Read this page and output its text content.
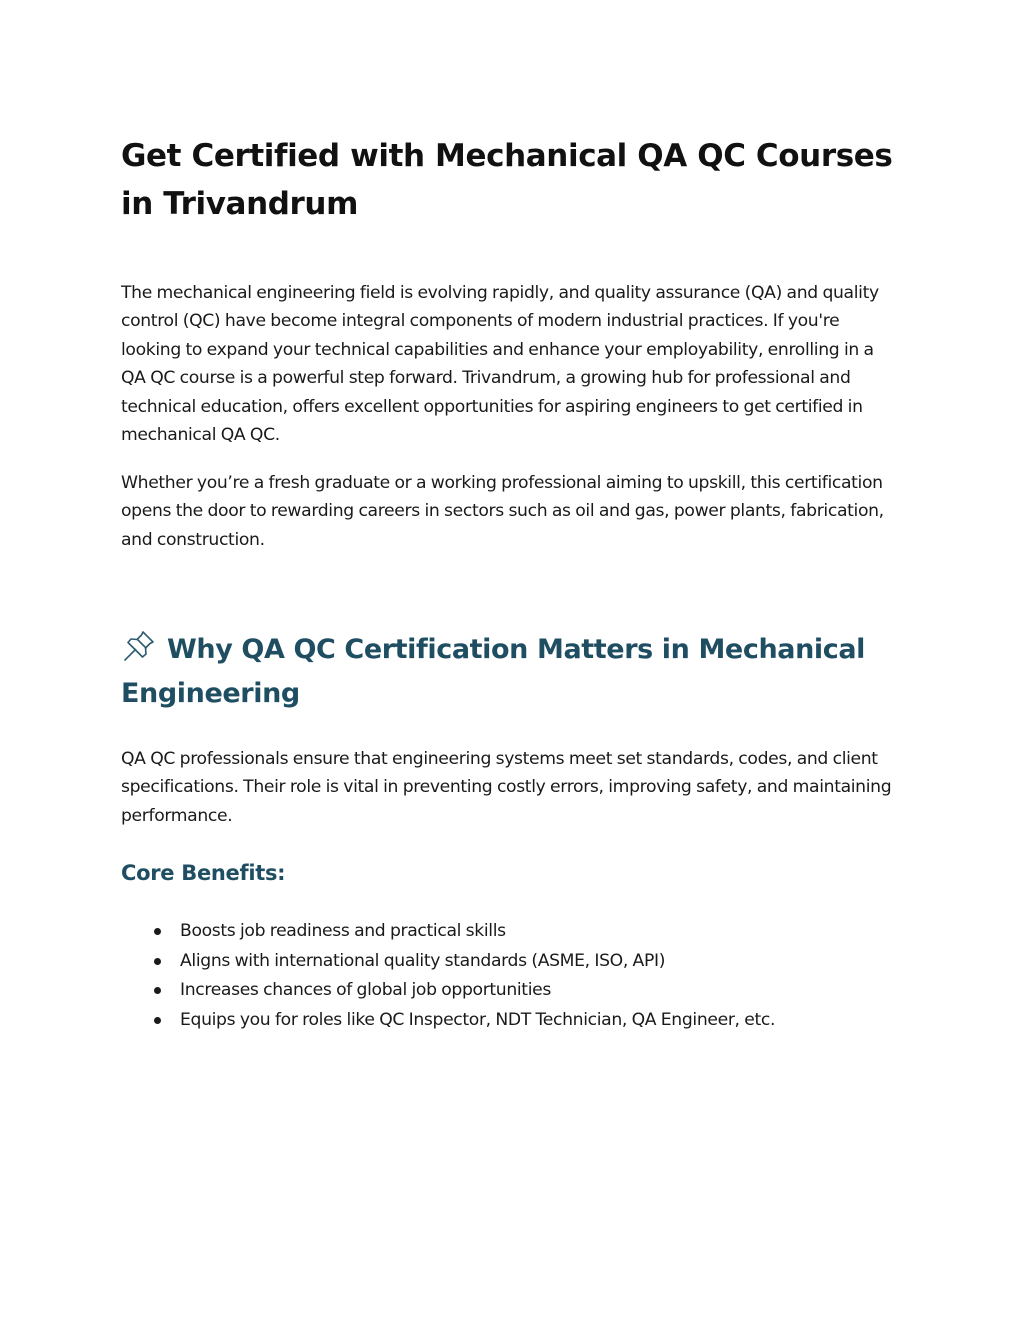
Get Certified with Mechanical QA QC Courses in Trivandrum

The mechanical engineering field is evolving rapidly, and quality assurance (QA) and quality control (QC) have become integral components of modern industrial practices. If you're looking to expand your technical capabilities and enhance your employability, enrolling in a QA QC course is a powerful step forward. Trivandrum, a growing hub for professional and technical education, offers excellent opportunities for aspiring engineers to get certified in mechanical QA QC.

Whether you’re a fresh graduate or a working professional aiming to upskill, this certification opens the door to rewarding careers in sectors such as oil and gas, power plants, fabrication, and construction.

Why QA QC Certification Matters in Mechanical Engineering

QA QC professionals ensure that engineering systems meet set standards, codes, and client specifications. Their role is vital in preventing costly errors, improving safety, and maintaining performance.

Core Benefits:
Boosts job readiness and practical skills
Aligns with international quality standards (ASME, ISO, API)
Increases chances of global job opportunities
Equips you for roles like QC Inspector, NDT Technician, QA Engineer, etc.
